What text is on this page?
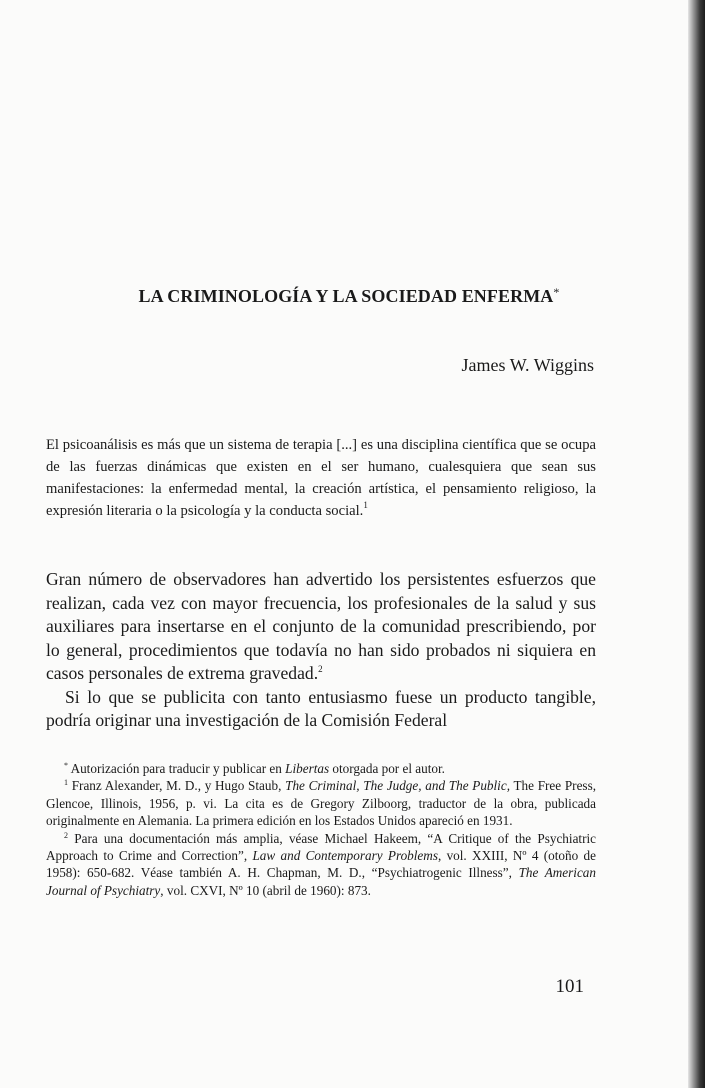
LA CRIMINOLOGÍA Y LA SOCIEDAD ENFERMA*
James W. Wiggins
El psicoanálisis es más que un sistema de terapia [...] es una disciplina científica que se ocupa de las fuerzas dinámicas que existen en el ser humano, cualesquiera que sean sus manifestaciones: la enfermedad mental, la creación artística, el pensamiento religioso, la expresión literaria o la psicología y la conducta social.$^1$

Gran número de observadores han advertido los persistentes esfuerzos que realizan, cada vez con mayor frecuencia, los profesionales de la salud y sus auxiliares para insertarse en el conjunto de la comunidad prescribiendo, por lo general, procedimientos que todavía no han sido probados ni siquiera en casos personales de extrema gravedad.$^2$

Si lo que se publicita con tanto entusiasmo fuese un producto tangible, podría originar una investigación de la Comisión Federal

* Autorización para traducir y publicar en Libertas otorgada por el autor.

$^1$ Franz Alexander, M. D., y Hugo Staub, The Criminal, The Judge, and The Public, The Free Press, Glencoe, Illinois, 1956, p. vi. La cita es de Gregory Zilboorg, traductor de la obra, publicada originalmente en Alemania. La primera edición en los Estados Unidos apareció en 1931.

$^2$ Para una documentación más amplia, véase Michael Hakeem, “A Critique of the Psychiatric Approach to Crime and Correction”, Law and Contemporary Problems, vol. XXIII, Nº 4 (otoño de 1958): 650-682. Véase también A. H. Chapman, M. D., “Psychiatrogenic Illness”, The American Journal of Psychiatry, vol. CXVI, Nº 10 (abril de 1960): 873.

101
